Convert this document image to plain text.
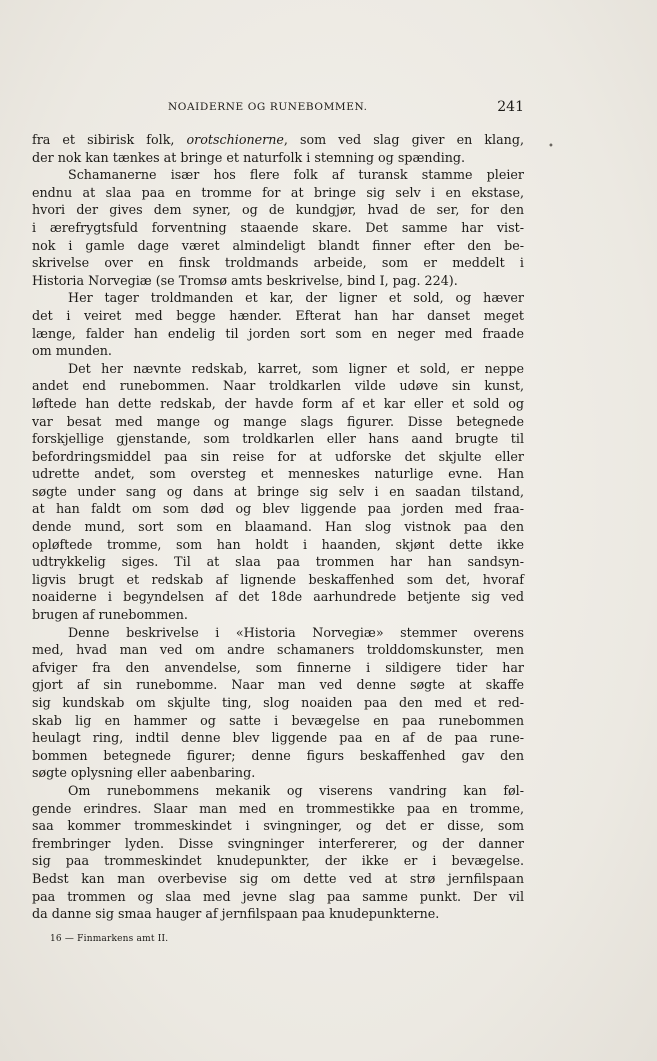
NOAIDERNE OG RUNEBOMMEN.	241
•

fra et sibirisk folk, orotschionerne, som ved slag giver en klang,
der nok kan tænkes at bringe et naturfolk i stemning og spænding.

Schamanerne især hos flere folk af turansk stamme pleier
endnu at slaa paa en tromme for at bringe sig selv i en ekstase,
hvori der gives dem syner, og de kundgjør, hvad de ser, for den
i ærefrygtsfuld forventning staaende skare. Det samme har vist-
nok i gamle dage været almindeligt blandt finner efter den be-
skrivelse over en finsk troldmands arbeide, som er meddelt i
Historia Norvegiæ (se Tromsø amts beskrivelse, bind I, pag. 224).
Her tager troldmanden et kar, der ligner et sold, og hæver
det i veiret med begge hænder. Efterat han har danset meget
længe, falder han endelig til jorden sort som en neger med fraade
om munden.

Det her nævnte redskab, karret, som ligner et sold, er neppe
andet end runebommen. Naar troldkarlen vilde udøve sin kunst,
løftede han dette redskab, der havde form af et kar eller et sold og
var besat med mange og mange slags figurer. Disse betegnede
forskjellige gjenstande, som troldkarlen eller hans aand brugte til
befordringsmiddel paa sin reise for at udforske det skjulte eller
udrette andet, som oversteg et menneskes naturlige evne. Han
søgte under sang og dans at bringe sig selv i en saadan tilstand,
at han faldt om som død og blev liggende paa jorden med fraa-
dende mund, sort som en blaamand. Han slog vistnok paa den
opløftede tromme, som han holdt i haanden, skjønt dette ikke
udtrykkelig siges. Til at slaa paa trommen har han sandsyn-
ligvis brugt et redskab af lignende beskaffenhed som det, hvoraf
noaiderne i begyndelsen af det 18de aarhundrede betjente sig ved
brugen af runebommen.

Denne beskrivelse i «Historia Norvegiæ» stemmer overens
med, hvad man ved om andre schamaners trolddomskunster, men
afviger fra den anvendelse, som finnerne i sildigere tider har
gjort af sin runebomme. Naar man ved denne søgte at skaffe
sig kundskab om skjulte ting, slog noaiden paa den med et red-
skab lig en hammer og satte i bevægelse en paa runebommen
heulagt ring, indtil denne blev liggende paa en af de paa rune-
bommen betegnede figurer; denne figurs beskaffenhed gav den
søgte oplysning eller aabenbaring.

Om runebommens mekanik og viserens vandring kan føl-
gende erindres. Slaar man med en trommestikke paa en tromme,
saa kommer trommeskindet i svingninger, og det er disse, som
frembringer lyden. Disse svingninger interfererer, og der danner
sig paa trommeskindet knudepunkter, der ikke er i bevægelse.
Bedst kan man overbevise sig om dette ved at strø jernfilspaan
paa trommen og slaa med jevne slag paa samme punkt. Der vil
da danne sig smaa hauger af jernfilspaan paa knudepunkterne.

16 — Finmarkens amt II.
